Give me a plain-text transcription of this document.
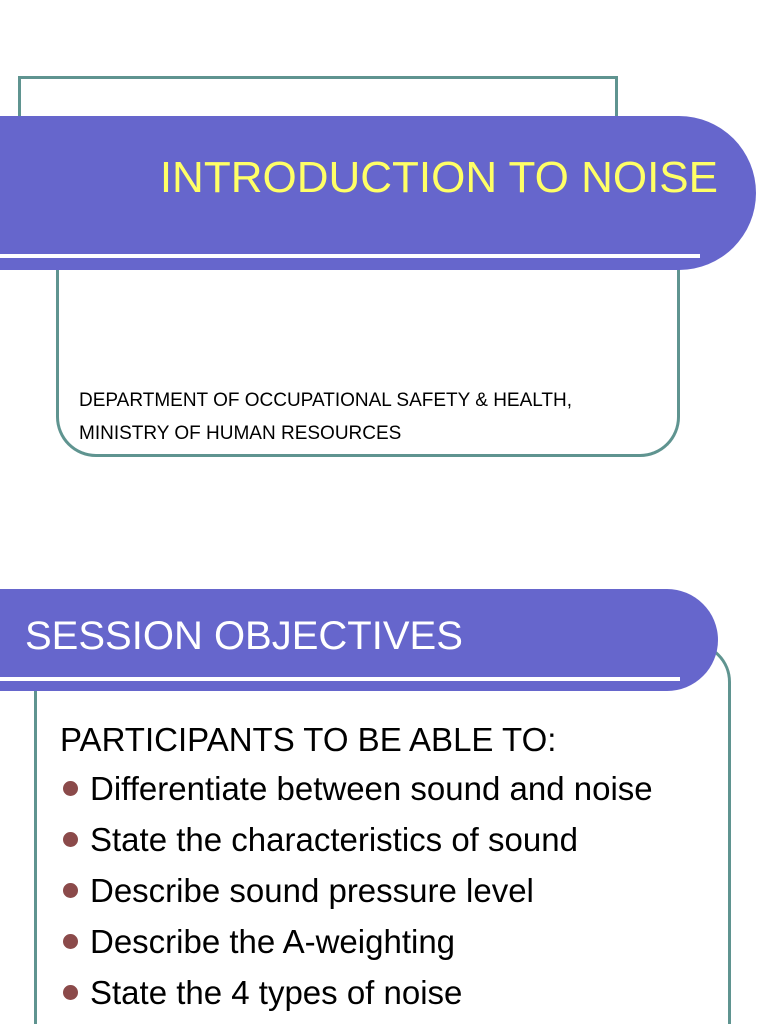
INTRODUCTION TO NOISE
DEPARTMENT OF OCCUPATIONAL SAFETY & HEALTH,
MINISTRY OF HUMAN RESOURCES
SESSION OBJECTIVES
PARTICIPANTS TO BE ABLE TO:
Differentiate between sound and noise
State the characteristics of sound
Describe sound pressure level
Describe the A-weighting
State the 4 types of noise
